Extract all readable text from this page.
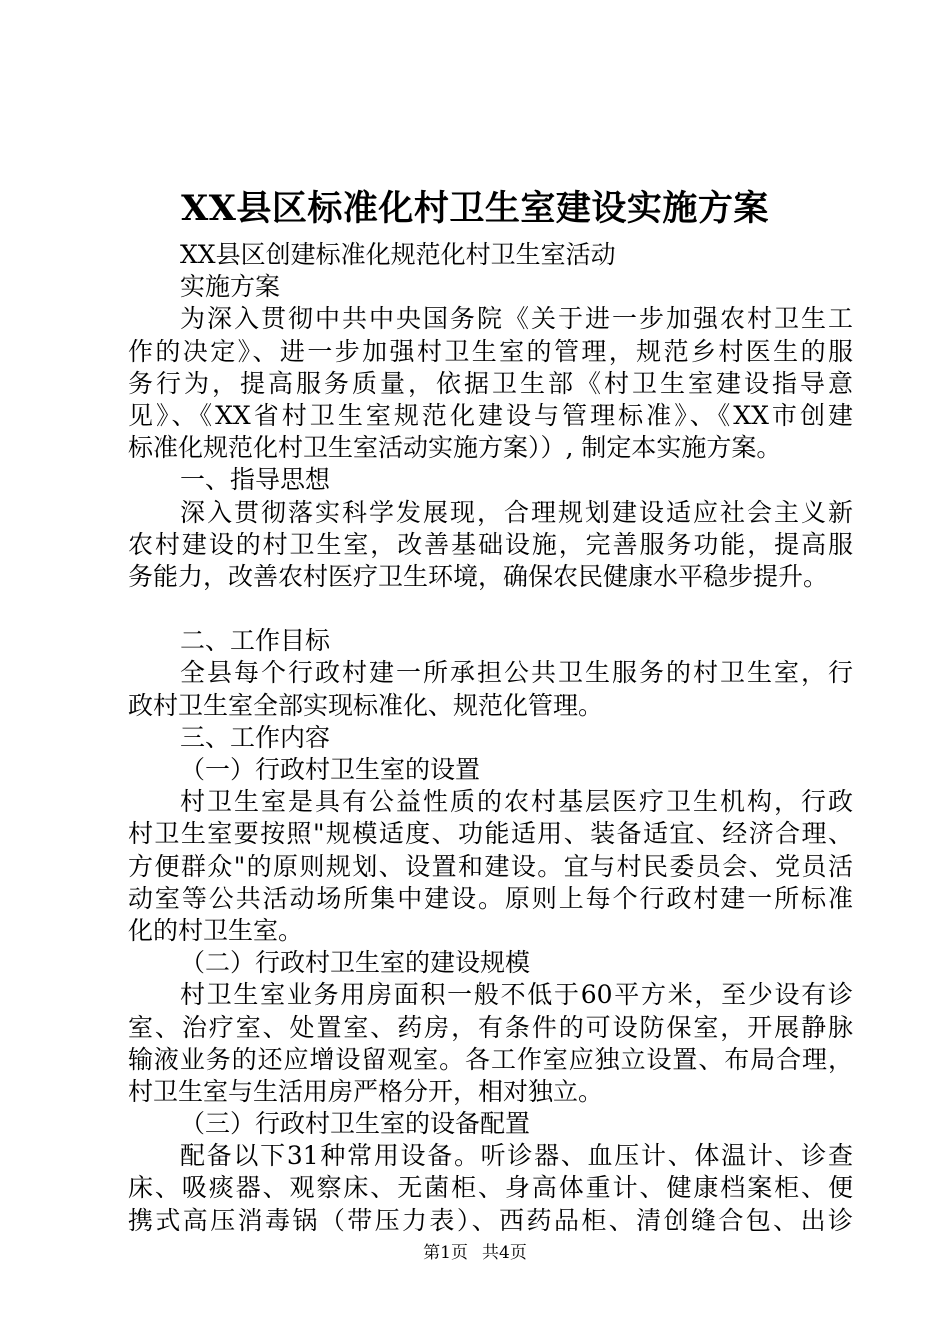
XX县区标准化村卫生室建设实施方案
XX县区创建标准化规范化村卫生室活动
实施方案
为深入贯彻中共中央国务院《关于进一步加强农村卫生工
作的决定》、进一步加强村卫生室的管理，规范乡村医生的服
务行为，提高服务质量，依据卫生部《村卫生室建设指导意
见》、《XX省村卫生室规范化建设与管理标准》、《XX市创建
标准化规范化村卫生室活动实施方案））, 制定本实施方案。
一、指导思想
深入贯彻落实科学发展现，合理规划建设适应社会主义新
农村建设的村卫生室，改善基础设施，完善服务功能，提高服
务能力，改善农村医疗卫生环境，确保农民健康水平稳步提升。
二、工作目标
全县每个行政村建一所承担公共卫生服务的村卫生室，行
政村卫生室全部实现标准化、规范化管理。
三、工作内容
（一）行政村卫生室的设置
村卫生室是具有公益性质的农村基层医疗卫生机构，行政
村卫生室要按照"规模适度、功能适用、装备适宜、经济合理、
方便群众"的原则规划、设置和建设。宜与村民委员会、党员活
动室等公共活动场所集中建设。原则上每个行政村建一所标准
化的村卫生室。
（二）行政村卫生室的建设规模
村卫生室业务用房面积一般不低于60平方米，至少设有诊
室、治疗室、处置室、药房，有条件的可设防保室，开展静脉
输液业务的还应增设留观室。各工作室应独立设置、布局合理，
村卫生室与生活用房严格分开，相对独立。
（三）行政村卫生室的设备配置
配备以下31种常用设备。听诊器、血压计、体温计、诊查
床、吸痰器、观察床、无菌柜、身高体重计、健康档案柜、便
携式高压消毒锅（带压力表）、西药品柜、清创缝合包、出诊
第1页 共4页
